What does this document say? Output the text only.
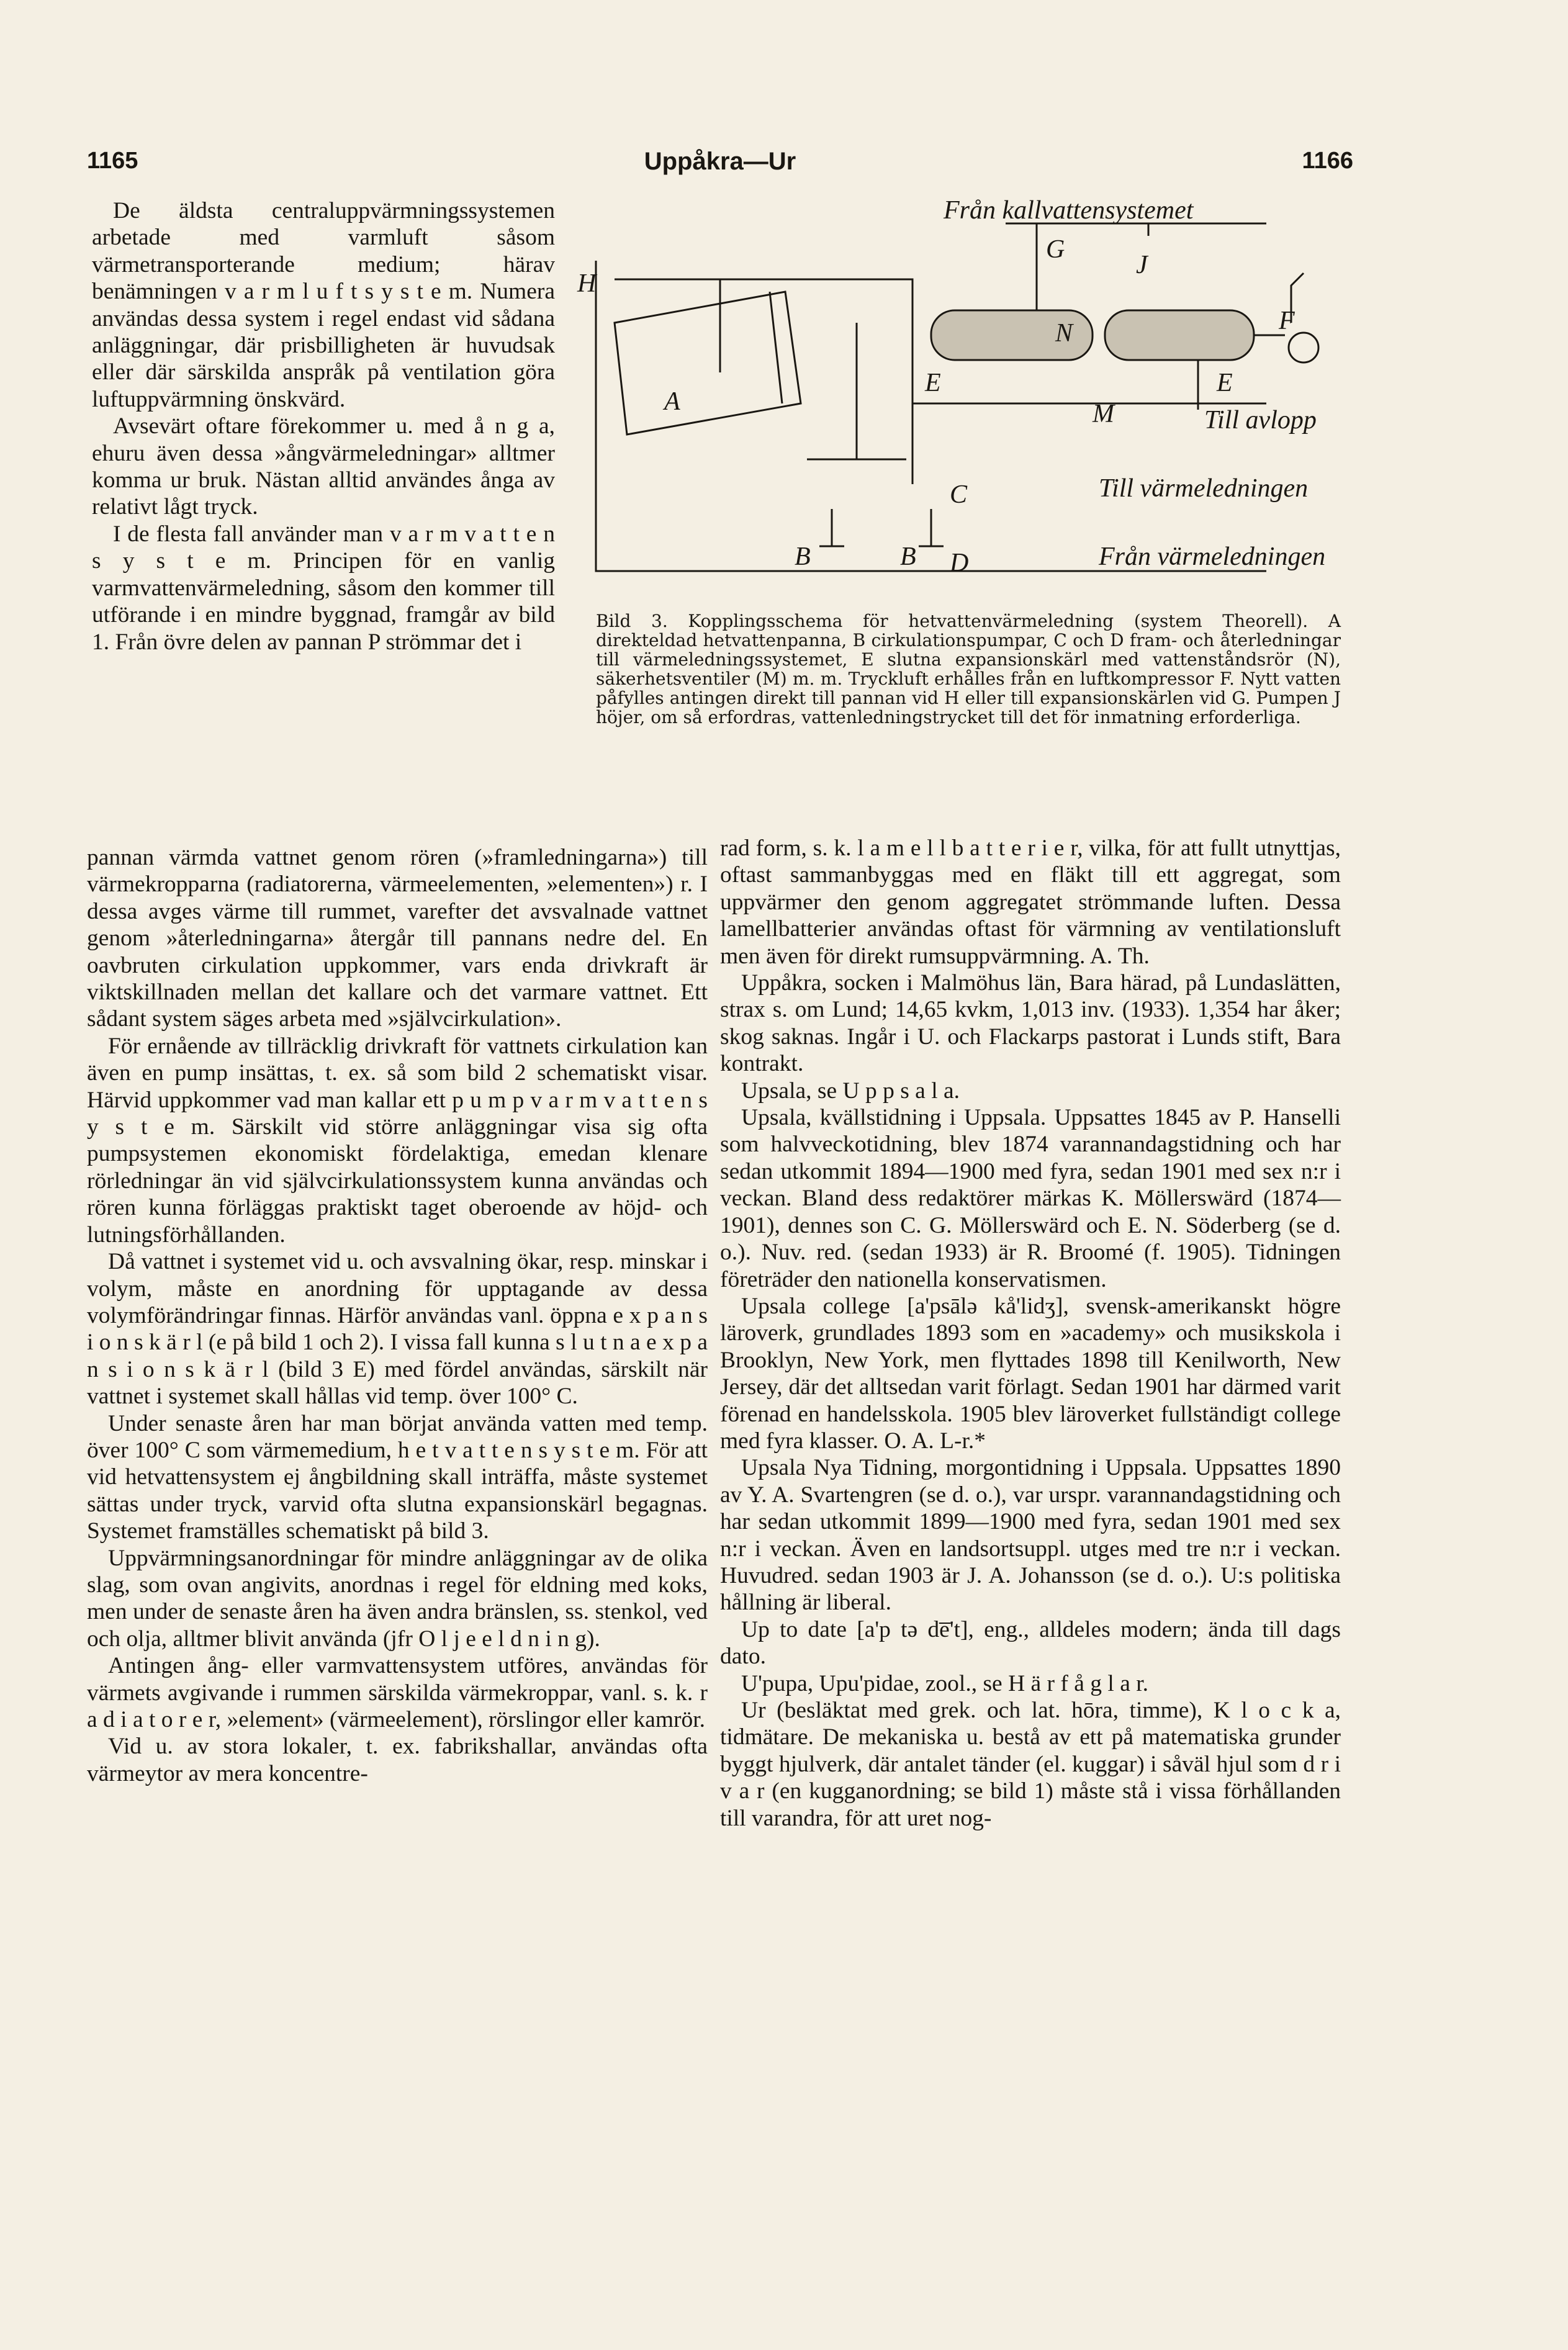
1165	Uppåkra—Ur	1166

De äldsta centraluppvärmningssystemen arbetade med varmluft såsom värmetransporterande medium; härav benämningen v a r m l u f t s y s t e m. Numera användas dessa system i regel endast vid sådana anläggningar, där prisbilligheten är huvudsak eller där särskilda anspråk på ventilation göra luftuppvärmning önskvärd.

Avsevärt oftare förekommer u. med å n g a, ehuru även dessa »ångvärmeledningar» alltmer komma ur bruk. Nästan alltid användes ånga av relativt lågt tryck.

I de flesta fall använder man v a r m v a t t e n s y s t e m. Principen för en vanlig varmvattenvärmeledning, såsom den kommer till utförande i en mindre byggnad, framgår av bild 1. Från övre delen av pannan P strömmar det i

Från kallvattensystemet
G
J
H
F
A
E
N
E
M	Till avlopp
C	Till värmeledningen
B	B D	Från värmeledningen
Bild 3. Kopplingsschema för hetvattenvärmeledning (system Theorell). A direkteldad hetvattenpanna, B cirkulationspumpar, C och D fram- och återledningar till värmeledningssystemet, E slutna expansionskärl med vattenståndsrör (N), säkerhetsventiler (M) m. m. Tryckluft erhålles från en luftkompressor F. Nytt vatten påfylles antingen direkt till pannan vid H eller till expansionskärlen vid G. Pumpen J höjer, om så erfordras, vattenledningstrycket till det för inmatning erforderliga.

pannan värmda vattnet genom rören (»framledningarna») till värmekropparna (radiatorerna, värmeelementen, »elementen») r. I dessa avges värme till rummet, varefter det avsvalnade vattnet genom »återledningarna» återgår till pannans nedre del. En oavbruten cirkulation uppkommer, vars enda drivkraft är viktskillnaden mellan det kallare och det varmare vattnet. Ett sådant system säges arbeta med »självcirkulation».

För ernående av tillräcklig drivkraft för vattnets cirkulation kan även en pump insättas, t. ex. så som bild 2 schematiskt visar. Härvid uppkommer vad man kallar ett p u m p v a r m v a t t e n s y s t e m. Särskilt vid större anläggningar visa sig ofta pumpsystemen ekonomiskt fördelaktiga, emedan klenare rörledningar än vid självcirkulationssystem kunna användas och rören kunna förläggas praktiskt taget oberoende av höjd- och lutningsförhållanden.

Då vattnet i systemet vid u. och avsvalning ökar, resp. minskar i volym, måste en anordning för upptagande av dessa volymförändringar finnas. Härför användas vanl. öppna e x p a n s i o n s k ä r l (e på bild 1 och 2). I vissa fall kunna s l u t n a e x p a n s i o n s k ä r l (bild 3 E) med fördel användas, särskilt när vattnet i systemet skall hållas vid temp. över 100° C.

Under senaste åren har man börjat använda vatten med temp. över 100° C som värmemedium, h e t v a t t e n s y s t e m. För att vid hetvattensystem ej ångbildning skall inträffa, måste systemet sättas under tryck, varvid ofta slutna expansionskärl begagnas. Systemet framställes schematiskt på bild 3.

Uppvärmningsanordningar för mindre anläggningar av de olika slag, som ovan angivits, anordnas i regel för eldning med koks, men under de senaste åren ha även andra bränslen, ss. stenkol, ved och olja, alltmer blivit använda (jfr O l j e e l d n i n g).

Antingen ång- eller varmvattensystem utföres, användas för värmets avgivande i rummen särskilda värmekroppar, vanl. s. k. r a d i a t o r e r, »element» (värmeelement), rörslingor eller kamrör.

Vid u. av stora lokaler, t. ex. fabrikshallar, användas ofta värmeytor av mera koncentre-

rad form, s. k. l a m e l l b a t t e r i e r, vilka, för att fullt utnyttjas, oftast sammanbyggas med en fläkt till ett aggregat, som uppvärmer den genom aggregatet strömmande luften. Dessa lamellbatterier användas oftast för värmning av ventilationsluft men även för direkt rumsuppvärmning. A. Th.

Uppåkra, socken i Malmöhus län, Bara härad, på Lundaslätten, strax s. om Lund; 14,65 kvkm, 1,013 inv. (1933). 1,354 har åker; skog saknas. Ingår i U. och Flackarps pastorat i Lunds stift, Bara kontrakt.

Upsala, se U p p s a l a.

Upsala, kvällstidning i Uppsala. Uppsattes 1845 av P. Hanselli som halvveckotidning, blev 1874 varannandagstidning och har sedan utkommit 1894—1900 med fyra, sedan 1901 med sex n:r i veckan. Bland dess redaktörer märkas K. Möllerswärd (1874—1901), dennes son C. G. Möllerswärd och E. N. Söderberg (se d. o.). Nuv. red. (sedan 1933) är R. Broomé (f. 1905). Tidningen företräder den nationella konservatismen.

Upsala college [a'psālə kå'lidʒ], svensk-amerikanskt högre läroverk, grundlades 1893 som en »academy» och musikskola i Brooklyn, New York, men flyttades 1898 till Kenilworth, New Jersey, där det alltsedan varit förlagt. Sedan 1901 har därmed varit förenad en handelsskola. 1905 blev läroverket fullständigt college med fyra klasser. O. A. L-r.*

Upsala Nya Tidning, morgontidning i Uppsala. Uppsattes 1890 av Y. A. Svartengren (se d. o.), var urspr. varannandagstidning och har sedan utkommit 1899—1900 med fyra, sedan 1901 med sex n:r i veckan. Även en landsortsuppl. utges med tre n:r i veckan. Huvudred. sedan 1903 är J. A. Johansson (se d. o.). U:s politiska hållning är liberal.

Up to date [a'p tə de̅'t], eng., alldeles modern; ända till dags dato.

U'pupa, Upu'pidae, zool., se H ä r f å g l a r.

Ur (besläktat med grek. och lat. hōra, timme), K l o c k a, tidmätare. De mekaniska u. bestå av ett på matematiska grunder byggt hjulverk, där antalet tänder (el. kuggar) i såväl hjul som d r i v a r (en kugganordning; se bild 1) måste stå i vissa förhållanden till varandra, för att uret nog-
